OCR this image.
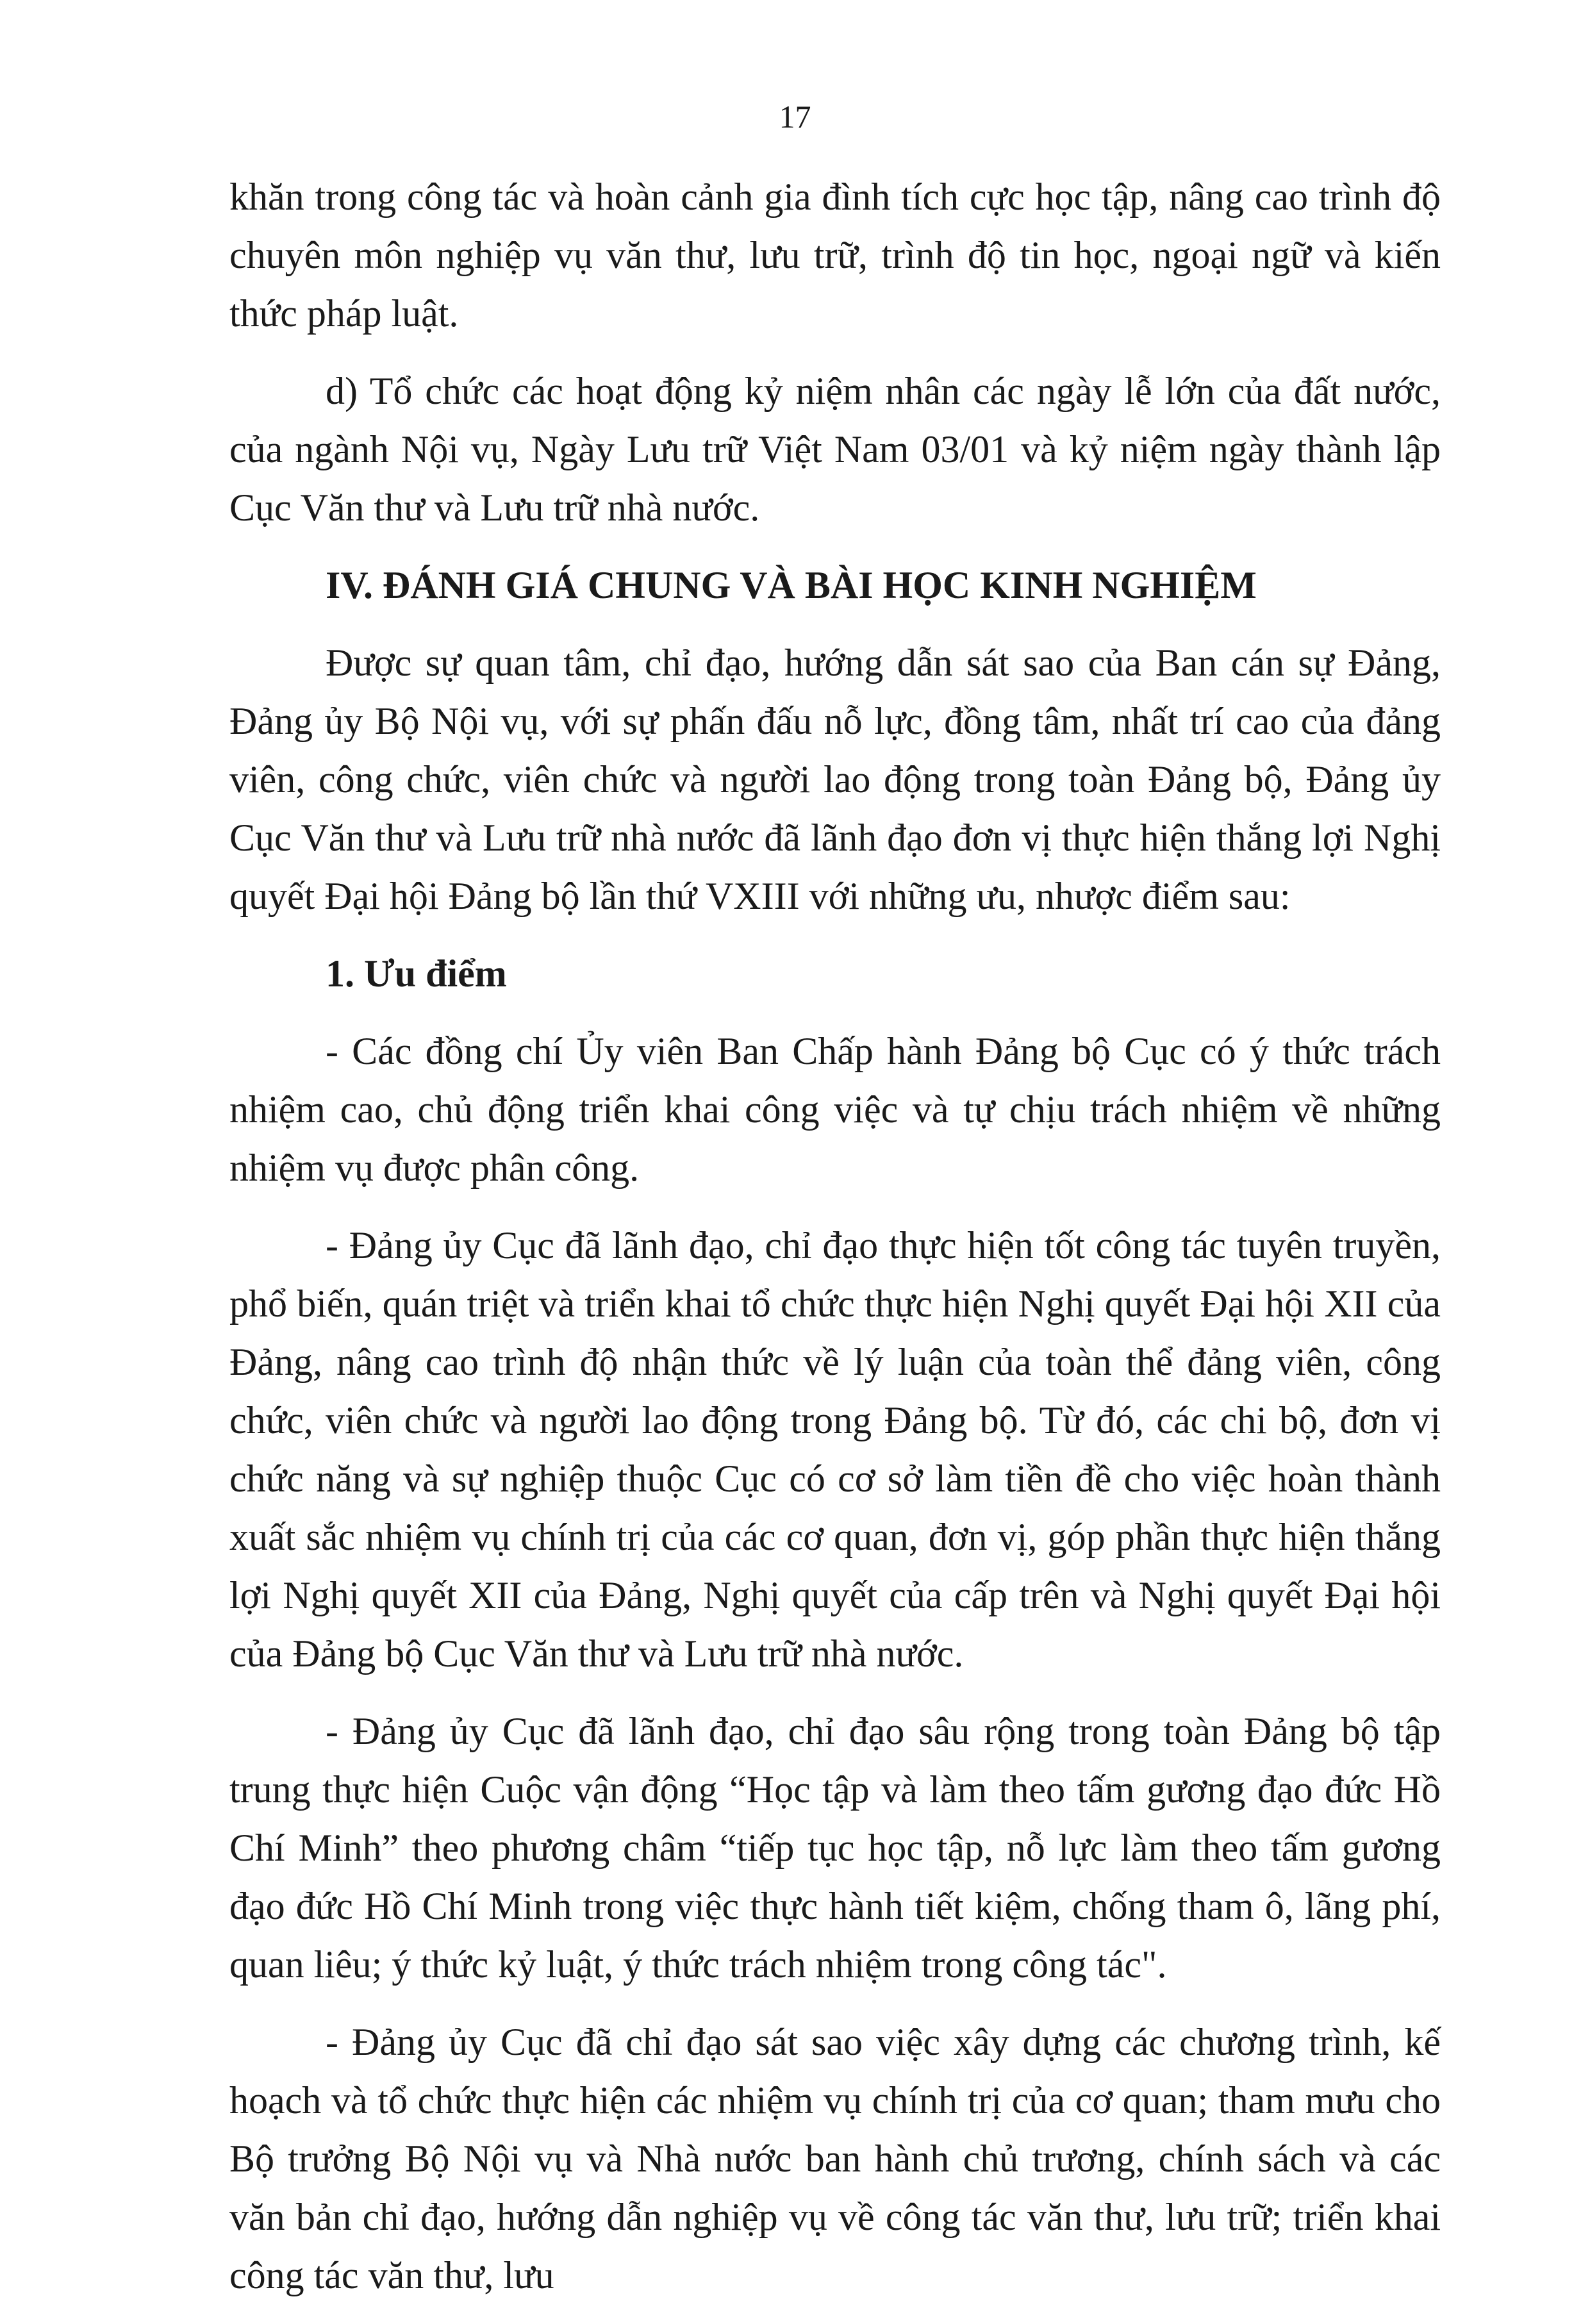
17

khăn trong công tác và hoàn cảnh gia đình tích cực học tập, nâng cao trình độ chuyên môn nghiệp vụ văn thư, lưu trữ, trình độ tin học, ngoại ngữ và kiến thức pháp luật.

d) Tổ chức các hoạt động kỷ niệm nhân các ngày lễ lớn của đất nước, của ngành Nội vụ, Ngày Lưu trữ Việt Nam 03/01 và kỷ niệm ngày thành lập Cục Văn thư và Lưu trữ nhà nước.

IV. ĐÁNH GIÁ CHUNG VÀ BÀI HỌC KINH NGHIỆM

Được sự quan tâm, chỉ đạo, hướng dẫn sát sao của Ban cán sự Đảng, Đảng ủy Bộ Nội vụ, với sự phấn đấu nỗ lực, đồng tâm, nhất trí cao của đảng viên, công chức, viên chức và người lao động trong toàn Đảng bộ, Đảng ủy Cục Văn thư và Lưu trữ nhà nước đã lãnh đạo đơn vị thực hiện thắng lợi Nghị quyết Đại hội Đảng bộ lần thứ VXIII với những ưu, nhược điểm sau:

1. Ưu điểm

- Các đồng chí Ủy viên Ban Chấp hành Đảng bộ Cục có ý thức trách nhiệm cao, chủ động triển khai công việc và tự chịu trách nhiệm về những nhiệm vụ được phân công.

- Đảng ủy Cục đã lãnh đạo, chỉ đạo thực hiện tốt công tác tuyên truyền, phổ biến, quán triệt và triển khai tổ chức thực hiện Nghị quyết Đại hội XII của Đảng, nâng cao trình độ nhận thức về lý luận của toàn thể đảng viên, công chức, viên chức và người lao động trong Đảng bộ. Từ đó, các chi bộ, đơn vị chức năng và sự nghiệp thuộc Cục có cơ sở làm tiền đề cho việc hoàn thành xuất sắc nhiệm vụ chính trị của các cơ quan, đơn vị, góp phần thực hiện thắng lợi Nghị quyết XII của Đảng, Nghị quyết của cấp trên và Nghị quyết Đại hội của Đảng bộ Cục Văn thư và Lưu trữ nhà nước.

- Đảng ủy Cục đã lãnh đạo, chỉ đạo sâu rộng trong toàn Đảng bộ tập trung thực hiện Cuộc vận động “Học tập và làm theo tấm gương đạo đức Hồ Chí Minh” theo phương châm “tiếp tục học tập, nỗ lực làm theo tấm gương đạo đức Hồ Chí Minh trong việc thực hành tiết kiệm, chống tham ô, lãng phí, quan liêu; ý thức kỷ luật, ý thức trách nhiệm trong công tác".

- Đảng ủy Cục đã chỉ đạo sát sao việc xây dựng các chương trình, kế hoạch và tổ chức thực hiện các nhiệm vụ chính trị của cơ quan; tham mưu cho Bộ trưởng Bộ Nội vụ và Nhà nước ban hành chủ trương, chính sách và các văn bản chỉ đạo, hướng dẫn nghiệp vụ về công tác văn thư, lưu trữ; triển khai công tác văn thư, lưu
